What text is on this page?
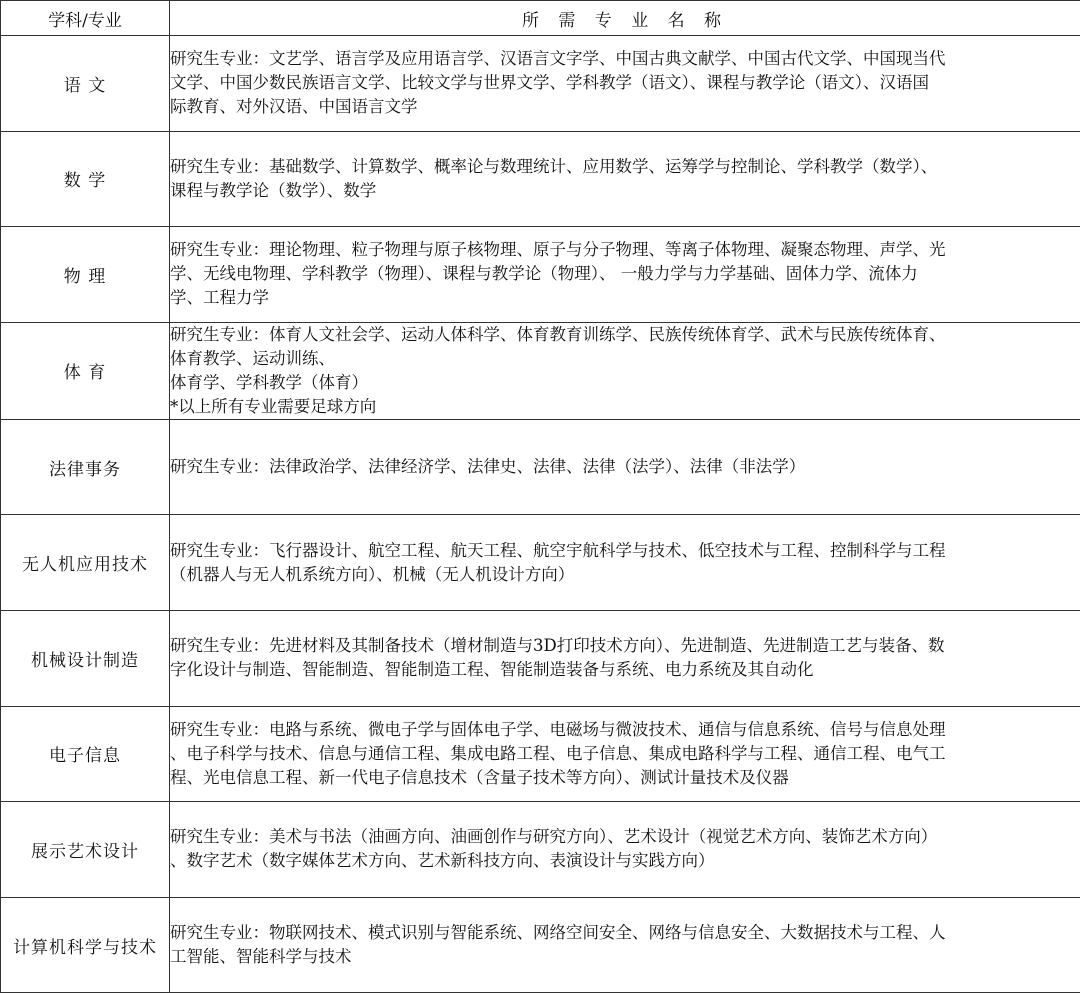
学科/专业	所 需 专 业 名 称
语 文	研究生专业：文艺学、语言学及应用语言学、汉语言文字学、中国古典文献学、中国古代文学、中国现当代
文学、中国少数民族语言文学、比较文学与世界文学、学科教学（语文）、课程与教学论（语文）、汉语国
际教育、对外汉语、中国语言文学

数 学	研究生专业：基础数学、计算数学、概率论与数理统计、应用数学、运筹学与控制论、学科教学（数学）、
课程与教学论（数学）、数学

物 理	研究生专业：理论物理、粒子物理与原子核物理、原子与分子物理、等离子体物理、凝聚态物理、声学、光
学、无线电物理、学科教学（物理）、课程与教学论（物理）、 一般力学与力学基础、固体力学、流体力
学、工程力学

体 育	研究生专业：体育人文社会学、运动人体科学、体育教育训练学、民族传统体育学、武术与民族传统体育、
体育教学、运动训练、
体育学、学科教学（体育）
*以上所有专业需要足球方向

法律事务	研究生专业：法律政治学、法律经济学、法律史、法律、法律（法学）、法律（非法学）

无人机应用技术	研究生专业：飞行器设计、航空工程、航天工程、航空宇航科学与技术、低空技术与工程、控制科学与工程
（机器人与无人机系统方向）、机械（无人机设计方向）

机械设计制造	研究生专业：先进材料及其制备技术（增材制造与3D打印技术方向）、先进制造、先进制造工艺与装备、数
字化设计与制造、智能制造、智能制造工程、智能制造装备与系统、电力系统及其自动化

电子信息	研究生专业：电路与系统、微电子学与固体电子学、电磁场与微波技术、通信与信息系统、信号与信息处理
、电子科学与技术、信息与通信工程、集成电路工程、电子信息、集成电路科学与工程、通信工程、电气工
程、光电信息工程、新一代电子信息技术（含量子技术等方向）、测试计量技术及仪器

展示艺术设计	研究生专业：美术与书法（油画方向、油画创作与研究方向）、艺术设计（视觉艺术方向、装饰艺术方向）
、数字艺术（数字媒体艺术方向、艺术新科技方向、表演设计与实践方向）

计算机科学与技术	研究生专业：物联网技术、模式识别与智能系统、网络空间安全、网络与信息安全、大数据技术与工程、人
工智能、智能科学与技术
